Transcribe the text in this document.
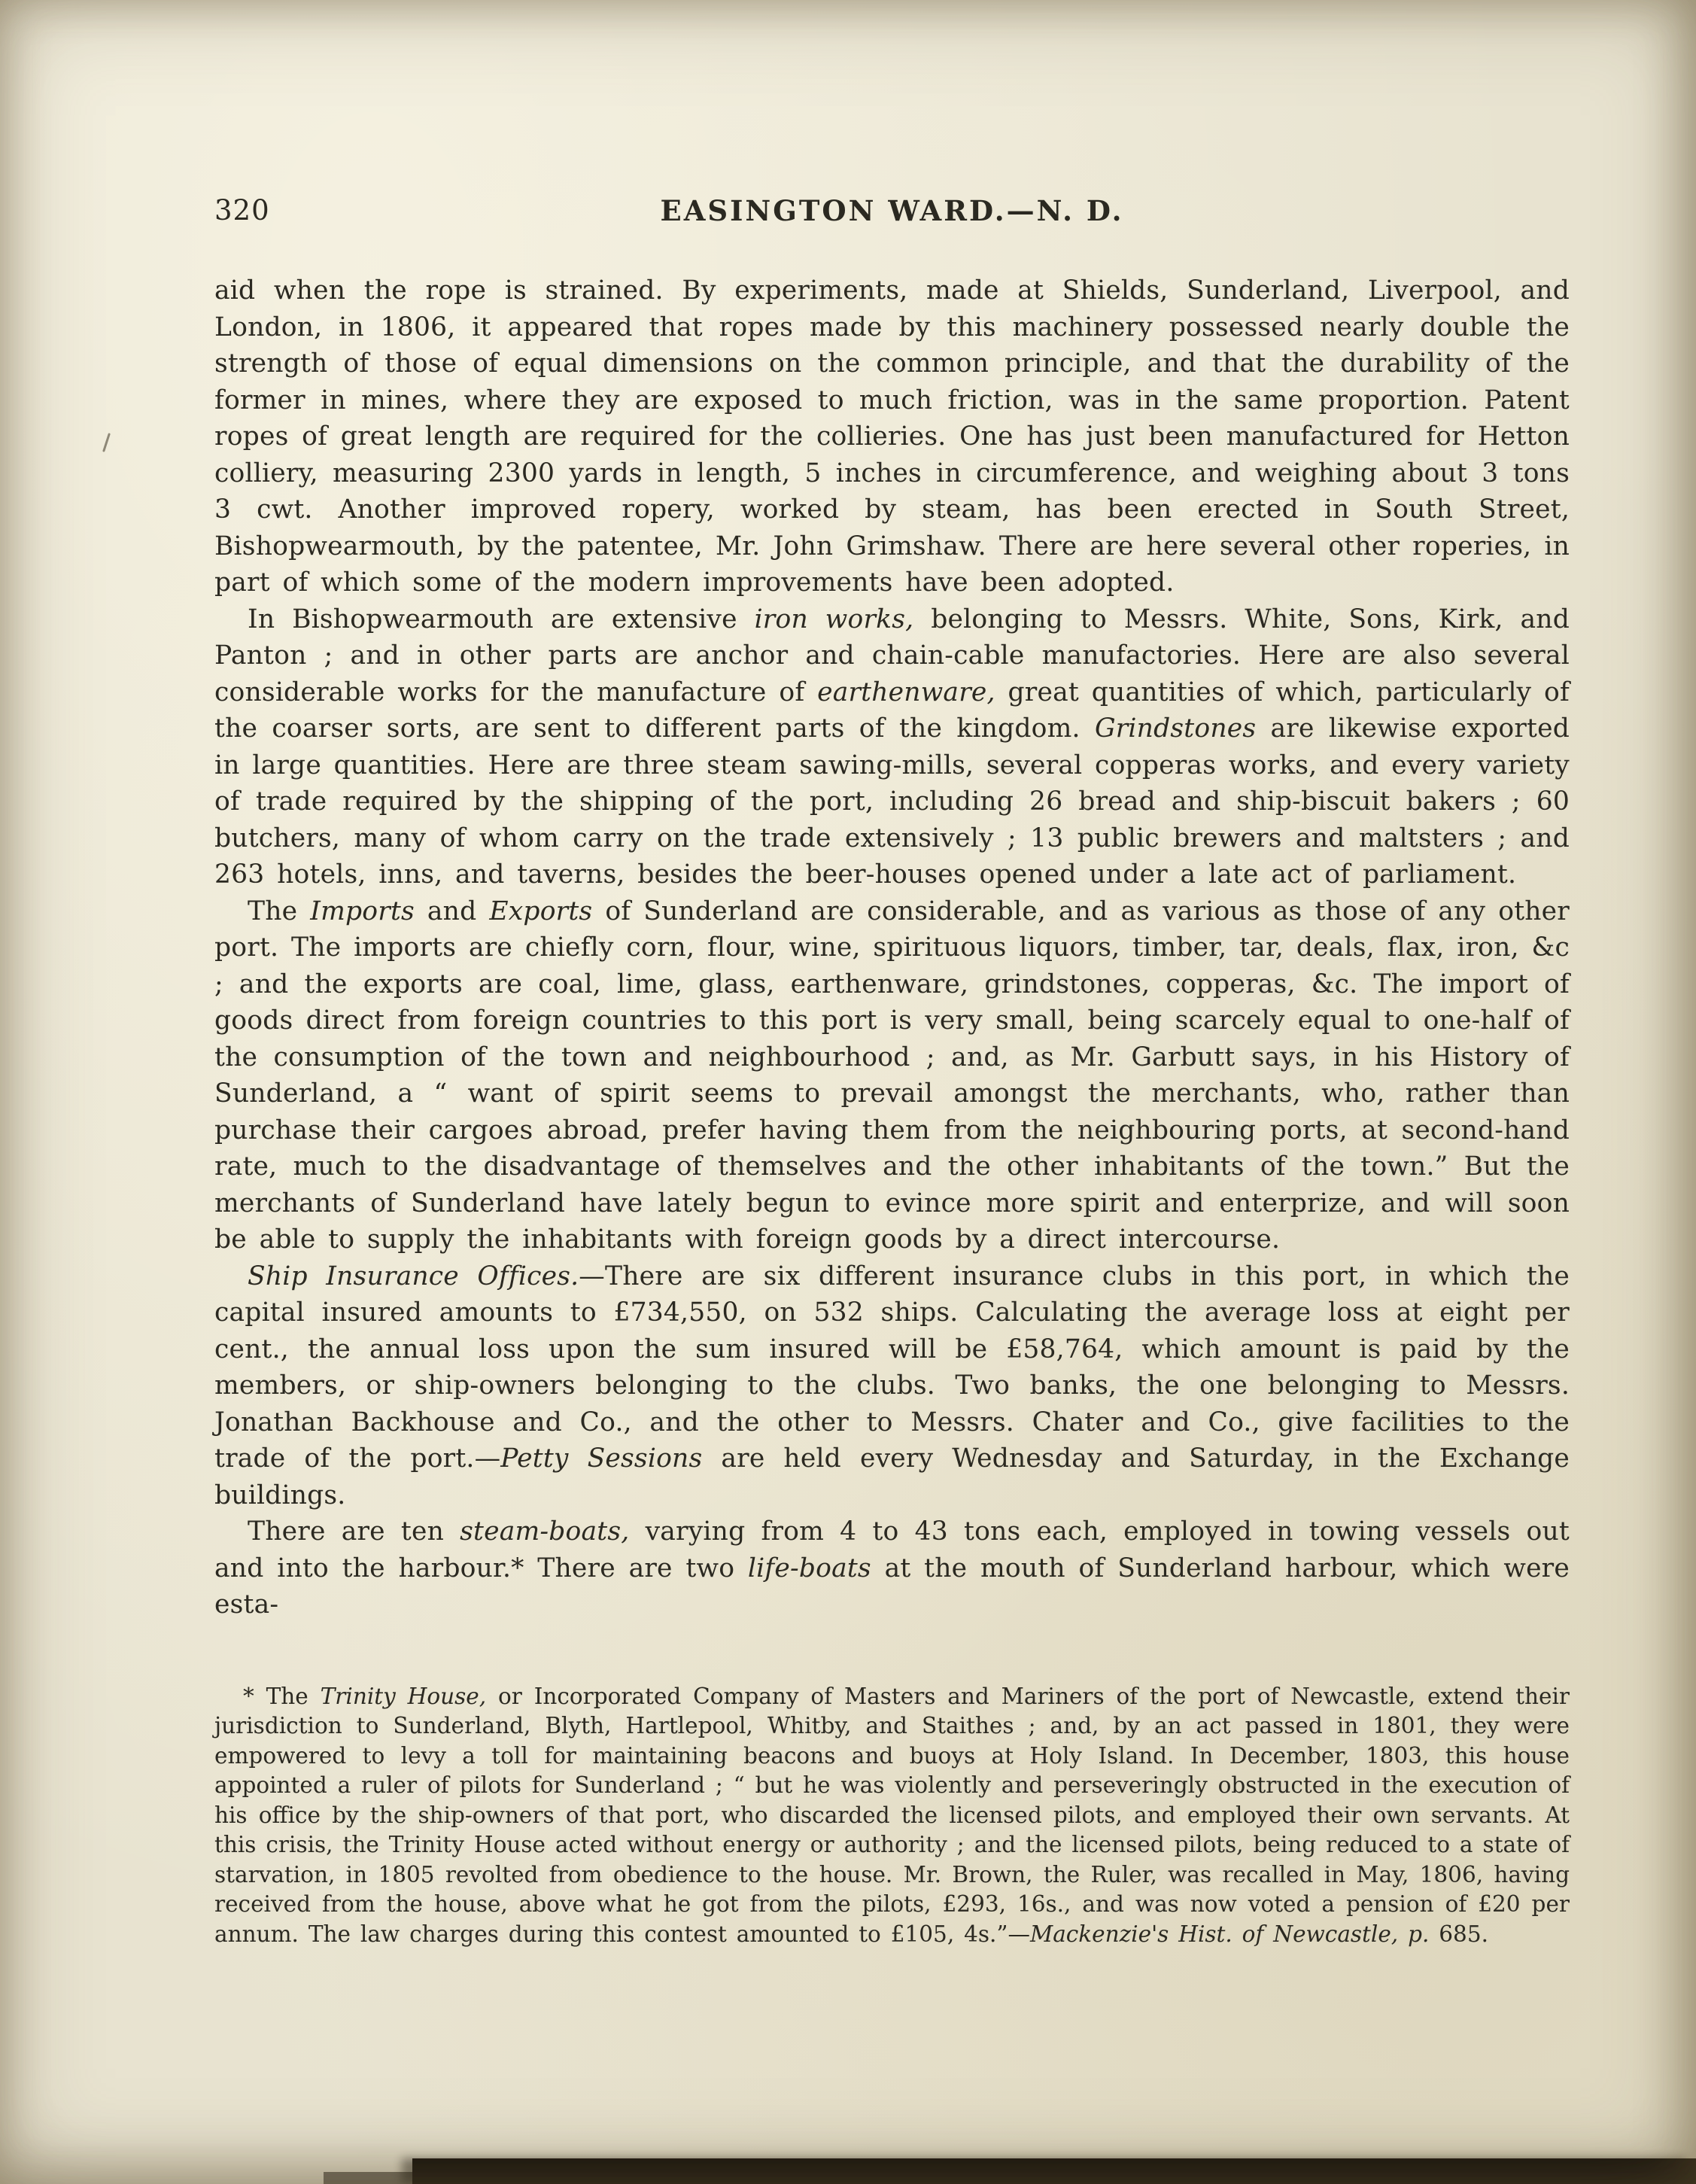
320	EASINGTON WARD.—N. D.

aid when the rope is strained. By experiments, made at Shields, Sunderland, Liverpool, and London, in 1806, it appeared that ropes made by this machinery possessed nearly double the strength of those of equal dimensions on the common principle, and that the durability of the former in mines, where they are exposed to much friction, was in the same proportion. Patent ropes of great length are required for the collieries. One has just been manufactured for Hetton colliery, measuring 2300 yards in length, 5 inches in circumference, and weighing about 3 tons 3 cwt. Another improved ropery, worked by steam, has been erected in South Street, Bishopwearmouth, by the patentee, Mr. John Grimshaw. There are here several other roperies, in part of which some of the modern improvements have been adopted.

In Bishopwearmouth are extensive iron works, belonging to Messrs. White, Sons, Kirk, and Panton ; and in other parts are anchor and chain-cable manufactories. Here are also several considerable works for the manufacture of earthenware, great quantities of which, particularly of the coarser sorts, are sent to different parts of the kingdom. Grindstones are likewise exported in large quantities. Here are three steam sawing-mills, several copperas works, and every variety of trade required by the shipping of the port, including 26 bread and ship-biscuit bakers ; 60 butchers, many of whom carry on the trade extensively ; 13 public brewers and maltsters ; and 263 hotels, inns, and taverns, besides the beer-houses opened under a late act of parliament.

The Imports and Exports of Sunderland are considerable, and as various as those of any other port. The imports are chiefly corn, flour, wine, spirituous liquors, timber, tar, deals, flax, iron, &c ; and the exports are coal, lime, glass, earthenware, grindstones, copperas, &c. The import of goods direct from foreign countries to this port is very small, being scarcely equal to one-half of the consumption of the town and neighbourhood ; and, as Mr. Garbutt says, in his History of Sunderland, a “ want of spirit seems to prevail amongst the merchants, who, rather than purchase their cargoes abroad, prefer having them from the neighbouring ports, at second-hand rate, much to the disadvantage of themselves and the other inhabitants of the town.” But the merchants of Sunderland have lately begun to evince more spirit and enterprize, and will soon be able to supply the inhabitants with foreign goods by a direct intercourse.

Ship Insurance Offices.—There are six different insurance clubs in this port, in which the capital insured amounts to £734,550, on 532 ships. Calculating the average loss at eight per cent., the annual loss upon the sum insured will be £58,764, which amount is paid by the members, or ship-owners belonging to the clubs. Two banks, the one belonging to Messrs. Jonathan Backhouse and Co., and the other to Messrs. Chater and Co., give facilities to the trade of the port.—Petty Sessions are held every Wednesday and Saturday, in the Exchange buildings.

There are ten steam-boats, varying from 4 to 43 tons each, employed in towing vessels out and into the harbour.* There are two life-boats at the mouth of Sunderland harbour, which were esta-

* The Trinity House, or Incorporated Company of Masters and Mariners of the port of Newcastle, extend their jurisdiction to Sunderland, Blyth, Hartlepool, Whitby, and Staithes ; and, by an act passed in 1801, they were empowered to levy a toll for maintaining beacons and buoys at Holy Island. In December, 1803, this house appointed a ruler of pilots for Sunderland ; “ but he was violently and perseveringly obstructed in the execution of his office by the ship-owners of that port, who discarded the licensed pilots, and employed their own servants. At this crisis, the Trinity House acted without energy or authority ; and the licensed pilots, being reduced to a state of starvation, in 1805 revolted from obedience to the house. Mr. Brown, the Ruler, was recalled in May, 1806, having received from the house, above what he got from the pilots, £293, 16s., and was now voted a pension of £20 per annum. The law charges during this contest amounted to £105, 4s.”—Mackenzie's Hist. of Newcastle, p. 685.
